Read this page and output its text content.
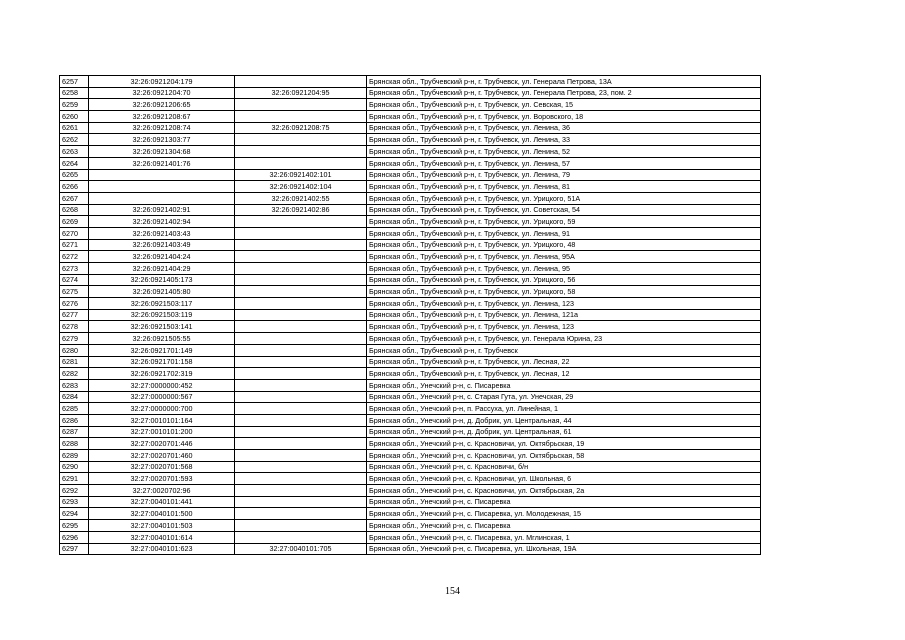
6257	32:26:0921204:179		Брянская обл., Трубчевский р-н, г. Трубчевск, ул. Генерала Петрова, 13А
6258	32:26:0921204:70	32:26:0921204:95	Брянская обл., Трубчевский р-н, г. Трубчевск, ул. Генерала Петрова, 23, пом. 2
6259	32:26:0921206:65		Брянская обл., Трубчевский р-н, г. Трубчевск, ул. Севская, 15
6260	32:26:0921208:67		Брянская обл., Трубчевский р-н, г. Трубчевск, ул. Воровского, 18
6261	32:26:0921208:74	32:26:0921208:75	Брянская обл., Трубчевский р-н, г. Трубчевск, ул. Ленина, 36
6262	32:26:0921303:77		Брянская обл., Трубчевский р-н, г. Трубчевск, ул. Ленина, 33
6263	32:26:0921304:68		Брянская обл., Трубчевский р-н, г. Трубчевск, ул. Ленина, 52
6264	32:26:0921401:76		Брянская обл., Трубчевский р-н, г. Трубчевск, ул. Ленина, 57
6265		32:26:0921402:101	Брянская обл., Трубчевский р-н, г. Трубчевск, ул. Ленина, 79
6266		32:26:0921402:104	Брянская обл., Трубчевский р-н, г. Трубчевск, ул. Ленина, 81
6267		32:26:0921402:55	Брянская обл., Трубчевский р-н, г. Трубчевск, ул. Урицкого, 51А
6268	32:26:0921402:91	32:26:0921402:86	Брянская обл., Трубчевский р-н, г. Трубчевск, ул. Советская, 54
6269	32:26:0921402:94		Брянская обл., Трубчевский р-н, г. Трубчевск, ул. Урицкого, 59
6270	32:26:0921403:43		Брянская обл., Трубчевский р-н, г. Трубчевск, ул. Ленина, 91
6271	32:26:0921403:49		Брянская обл., Трубчевский р-н, г. Трубчевск, ул. Урицкого, 48
6272	32:26:0921404:24		Брянская обл., Трубчевский р-н, г. Трубчевск, ул. Ленина, 95А
6273	32:26:0921404:29		Брянская обл., Трубчевский р-н, г. Трубчевск, ул. Ленина, 95
6274	32:26:0921405:173		Брянская обл., Трубчевский р-н, г. Трубчевск, ул. Урицкого, 56
6275	32:26:0921405:80		Брянская обл., Трубчевский р-н, г. Трубчевск, ул. Урицкого, 58
6276	32:26:0921503:117		Брянская обл., Трубчевский р-н, г. Трубчевск, ул. Ленина, 123
6277	32:26:0921503:119		Брянская обл., Трубчевский р-н, г. Трубчевск, ул. Ленина, 121а
6278	32:26:0921503:141		Брянская обл., Трубчевский р-н, г. Трубчевск, ул. Ленина, 123
6279	32:26:0921505:55		Брянская обл., Трубчевский р-н, г. Трубчевск, ул. Генерала Юрина, 23
6280	32:26:0921701:149		Брянская обл., Трубчевский р-н, г. Трубчевск
6281	32:26:0921701:158		Брянская обл., Трубчевский р-н, г. Трубчевск, ул. Лесная, 22
6282	32:26:0921702:319		Брянская обл., Трубчевский р-н, г. Трубчевск, ул. Лесная, 12
6283	32:27:0000000:452		Брянская обл., Унечский р-н, с. Писаревка
6284	32:27:0000000:567		Брянская обл., Унечский р-н, с. Старая Гута, ул. Унечская, 29
6285	32:27:0000000:700		Брянская обл., Унечский р-н, п. Рассуха, ул. Линейная, 1
6286	32:27:0010101:164		Брянская обл., Унечский р-н, д. Добрик, ул. Центральная, 44
6287	32:27:0010101:200		Брянская обл., Унечский р-н, д. Добрик, ул. Центральная, 61
6288	32:27:0020701:446		Брянская обл., Унечский р-н, с. Красновичи, ул. Октябрьская, 19
6289	32:27:0020701:460		Брянская обл., Унечский р-н, с. Красновичи, ул. Октябрьская, 58
6290	32:27:0020701:568		Брянская обл., Унечский р-н, с. Красновичи, б/н
6291	32:27:0020701:593		Брянская обл., Унечский р-н, с. Красновичи, ул. Школьная, 6
6292	32:27:0020702:96		Брянская обл., Унечский р-н, с. Красновичи, ул. Октябрьская, 2а
6293	32:27:0040101:441		Брянская обл., Унечский р-н, с. Писаревка
6294	32:27:0040101:500		Брянская обл., Унечский р-н, с. Писаревка, ул. Молодежная, 15
6295	32:27:0040101:503		Брянская обл., Унечский р-н, с. Писаревка
6296	32:27:0040101:614		Брянская обл., Унечский р-н, с. Писаревка, ул. Мглинская, 1
6297	32:27:0040101:623	32:27:0040101:705	Брянская обл., Унечский р-н, с. Писаревка, ул. Школьная, 19А
154
